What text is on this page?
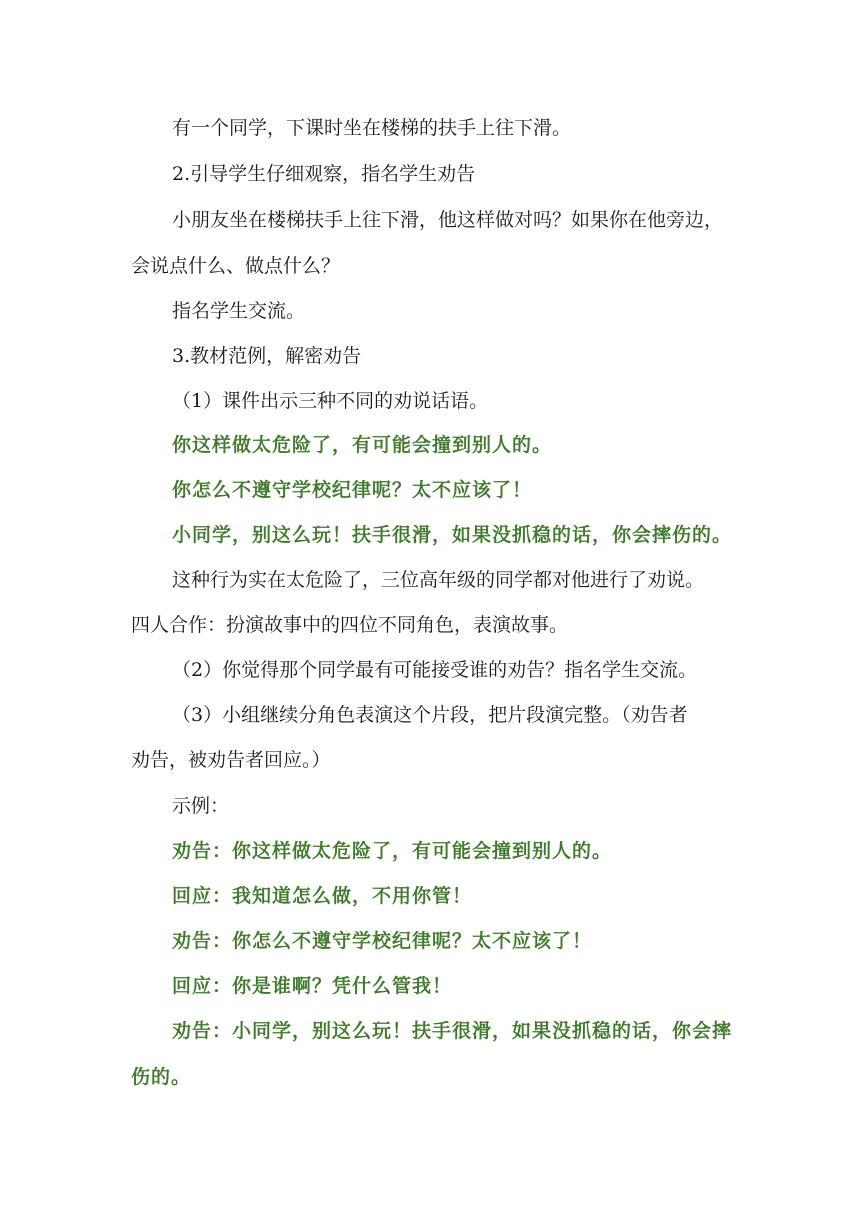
有一个同学，下课时坐在楼梯的扶手上往下滑。
2.引导学生仔细观察，指名学生劝告
小朋友坐在楼梯扶手上往下滑，他这样做对吗？如果你在他旁边，
会说点什么、做点什么？
指名学生交流。
3.教材范例，解密劝告
（1）课件出示三种不同的劝说话语。
你这样做太危险了，有可能会撞到别人的。
你怎么不遵守学校纪律呢？太不应该了！
小同学，别这么玩！扶手很滑，如果没抓稳的话，你会摔伤的。
这种行为实在太危险了，三位高年级的同学都对他进行了劝说。
四人合作：扮演故事中的四位不同角色，表演故事。
（2）你觉得那个同学最有可能接受谁的劝告？指名学生交流。
（3）小组继续分角色表演这个片段，把片段演完整。（劝告者
劝告，被劝告者回应。）
示例：
劝告：你这样做太危险了，有可能会撞到别人的。
回应：我知道怎么做，不用你管！
劝告：你怎么不遵守学校纪律呢？太不应该了！
回应：你是谁啊？凭什么管我！
劝告：小同学，别这么玩！扶手很滑，如果没抓稳的话，你会摔
伤的。
